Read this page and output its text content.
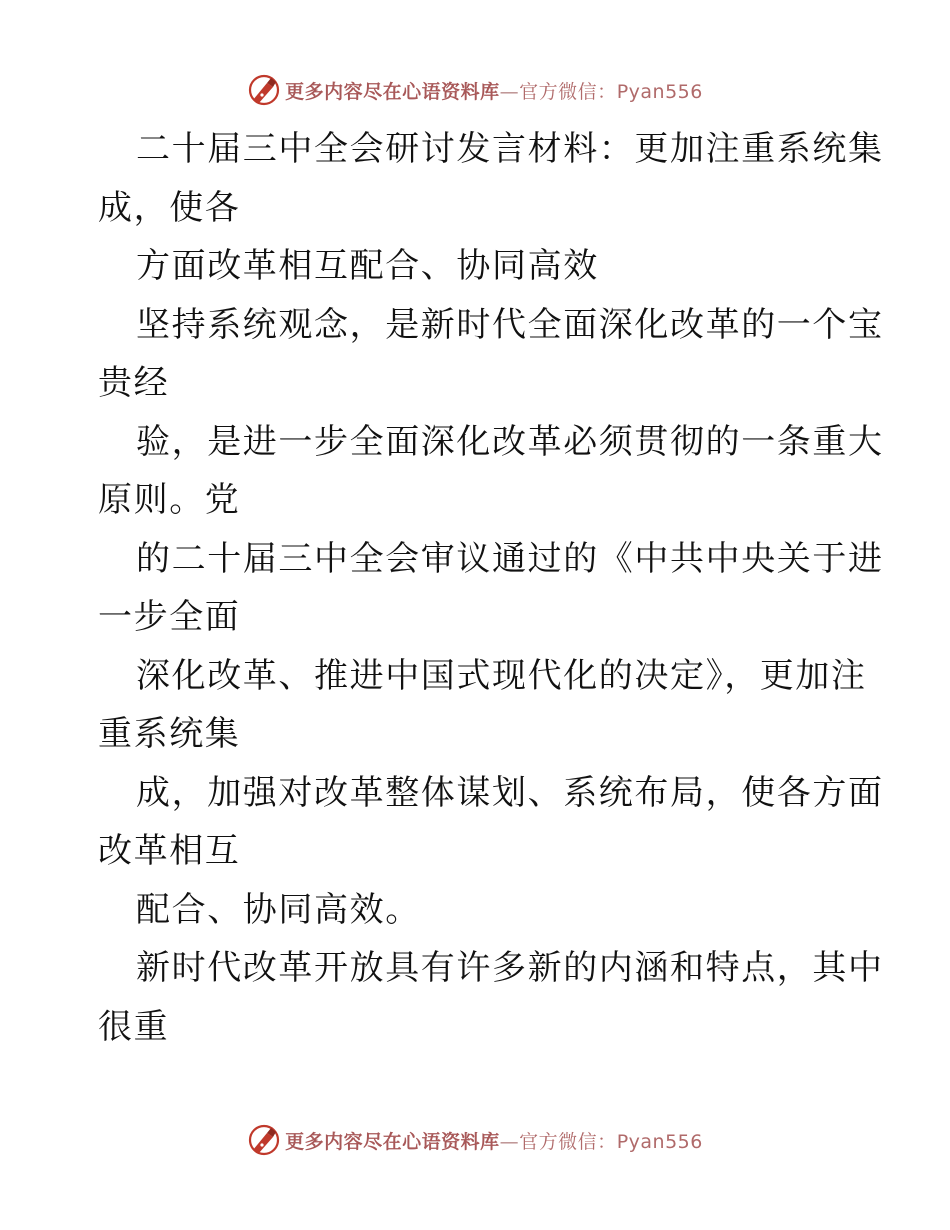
更多内容尽在心语资料库—官方微信：Pyan556
二十届三中全会研讨发言材料：更加注重系统集
成，使各
方面改革相互配合、协同高效
坚持系统观念，是新时代全面深化改革的一个宝
贵经
验，是进一步全面深化改革必须贯彻的一条重大
原则。党
的二十届三中全会审议通过的《中共中央关于进
一步全面
深化改革、推进中国式现代化的决定》，更加注
重系统集
成，加强对改革整体谋划、系统布局，使各方面
改革相互
配合、协同高效。
新时代改革开放具有许多新的内涵和特点，其中
很重
更多内容尽在心语资料库—官方微信：Pyan556
